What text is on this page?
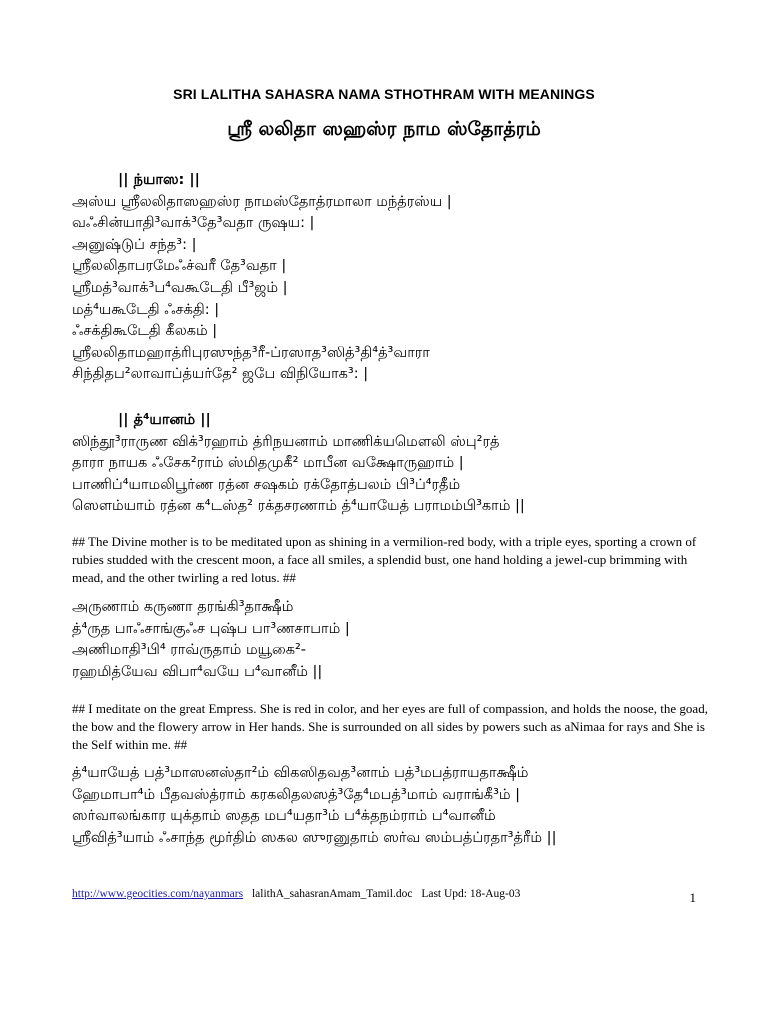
SRI LALITHA SAHASRA NAMA STHOTHRAM WITH MEANINGS
ஸ்ரீ லலிதா ஸஹஸ்ர நாம ஸ்தோத்ரம்
|| ந்யாஸ: ||
அஸ்ய ஸ்ரீலலிதாஸஹஸ்ர நாமஸ்தோத்ரமாலா மந்த்ரஸ்ய |
வஃசின்யாதி³வாக்³தே³வதா ருஷய: |
அனுஷ்டுப் சந்த³: |
ஸ்ரீலலிதாபரமேஃச்வரீ தே³வதா |
ஸ்ரீமத்³வாக்³ப⁴வகூடேதி பீ³ஜம் |
மத்⁴யகூடேதி ஃசக்தி: |
ஃசக்திகூடேதி கீலகம் |
ஸ்ரீலலிதாமஹாத்ரிபுரஸுந்த³ரீ-ப்ரஸாத³ஸித்³தி⁴த்³வாரா
சிந்திதப²லாவாப்த்யர்தே² ஜபே விநியோக³: |
|| த்⁴யானம் ||
ஸிந்தூ³ராருண விக்³ரஹாம் த்ரிநயனாம் மாணிக்யமௌலி ஸ்பு²ரத்
தாரா நாயக ஃசேக²ராம் ஸ்மிதமுகீ² மாபீன வக்ஷோருஹாம் |
பாணிப்⁴யாமலிபூர்ண ரத்ன சஷகம் ரக்தோத்பலம் பி³ப்⁴ரதீம்
ஸௌம்யாம் ரத்ன க⁴டஸ்த² ரக்தசரணாம் த்⁴யாயேத் பராமம்பி³காம் ||
## The Divine mother is to be meditated upon as shining in a vermilion-red body, with a triple eyes, sporting a crown of rubies studded with the crescent moon, a face all smiles, a splendid bust, one hand holding a jewel-cup brimming with mead, and the other twirling a red lotus. ##
அருணாம் கருணா தரங்கி³தாக்ஷீம்
த்⁴ருத பாஃசாங்குஃச புஷ்ப பா³ணசாபாம் |
அணிமாதி³பி⁴ ராவ்ருதாம் மயூகை²-
ரஹமித்யேவ விபா⁴வயே ப⁴வானீம் ||
## I meditate on the great Empress. She is red in color, and her eyes are full of compassion, and holds the noose, the goad, the bow and the flowery arrow in Her hands. She is surrounded on all sides by powers such as aNimaa for rays and She is the Self within me. ##
த்⁴யாயேத் பத்³மாஸனஸ்தா²ம் விகஸிதவத³னாம் பத்³மபத்ராயதாக்ஷீம்
ஹேமாபா⁴ம் பீதவஸ்த்ராம் கரகலிதலஸத்³தே⁴மபத்³மாம் வராங்கீ³ம் |
ஸர்வாலங்கார யுக்தாம் ஸதத மப⁴யதா³ம் ப⁴க்தநம்ராம் ப⁴வானீம்
ஸ்ரீவித்³யாம் ஃசாந்த மூர்திம் ஸகல ஸுரனுதாம் ஸர்வ ஸம்பத்ப்ரதா³த்ரீம் ||
http://www.geocities.com/nayanmars lalithA_sahasranAmam_Tamil.doc Last Upd: 18-Aug-03	1
